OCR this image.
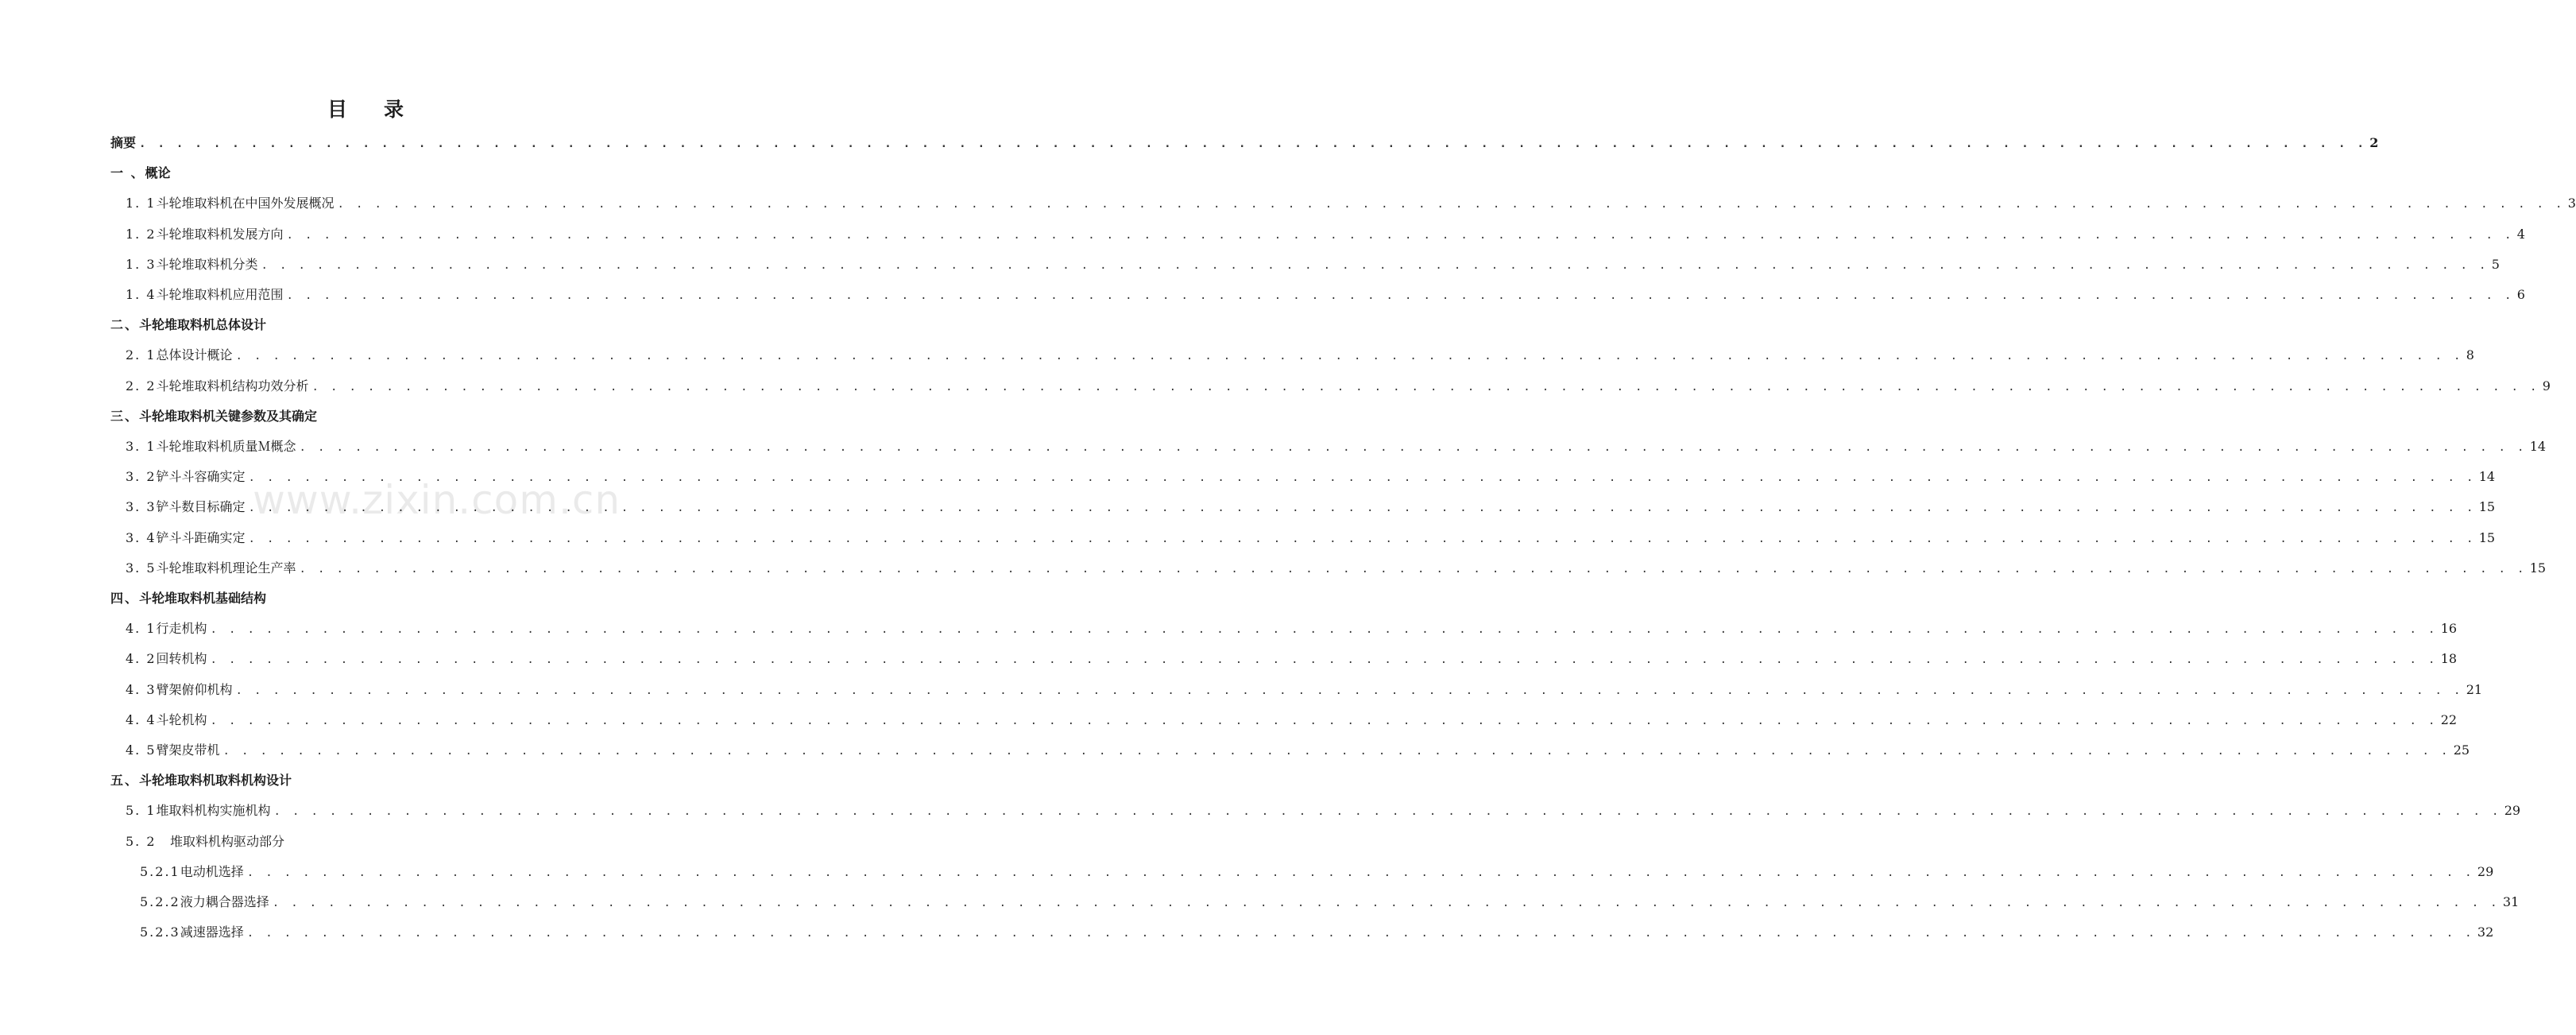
目 录
摘要 . . . . . . . . . . . . . . . . . . . . . . . . . . . . . . . . . . . . . . . . . . . . . . . . . . . . . . . . . . . . . . . . . . . . . . . . . . . . . . . . . . . . . . . . . . . . . . . . . . . . . . . . . . . . . . . . . . . . . . . . 2
一 、 概论
1. 1 斗轮堆取料机在中国外发展概况 . . . . . . . . . . . . . . . . . . . . . . . . . . . . . . . . . . . . . . . . . . . . . . . . . . . . . . . . . . . . . . . . . . . . . . . . . . . . . . . . . . . . . . . . . . . . . . . . . . . . . . . . . . . . . . . . . . . . . . . . 3
1. 2 斗轮堆取料机发展方向 . . . . . . . . . . . . . . . . . . . . . . . . . . . . . . . . . . . . . . . . . . . . . . . . . . . . . . . . . . . . . . . . . . . . . . . . . . . . . . . . . . . . . . . . . . . . . . . . . . . . . . . . . . . . . . . . . . . . . . . . 4
1. 3 斗轮堆取料机分类 . . . . . . . . . . . . . . . . . . . . . . . . . . . . . . . . . . . . . . . . . . . . . . . . . . . . . . . . . . . . . . . . . . . . . . . . . . . . . . . . . . . . . . . . . . . . . . . . . . . . . . . . . . . . . . . . . . . . . . . . 5
1. 4 斗轮堆取料机应用范围 . . . . . . . . . . . . . . . . . . . . . . . . . . . . . . . . . . . . . . . . . . . . . . . . . . . . . . . . . . . . . . . . . . . . . . . . . . . . . . . . . . . . . . . . . . . . . . . . . . . . . . . . . . . . . . . . . . . . . . . . 6
二、 斗轮堆取料机总体设计
2. 1 总体设计概论 . . . . . . . . . . . . . . . . . . . . . . . . . . . . . . . . . . . . . . . . . . . . . . . . . . . . . . . . . . . . . . . . . . . . . . . . . . . . . . . . . . . . . . . . . . . . . . . . . . . . . . . . . . . . . . . . . . . . . . . . 8
2. 2 斗轮堆取料机结构功效分析 . . . . . . . . . . . . . . . . . . . . . . . . . . . . . . . . . . . . . . . . . . . . . . . . . . . . . . . . . . . . . . . . . . . . . . . . . . . . . . . . . . . . . . . . . . . . . . . . . . . . . . . . . . . . . . . . . . . . . . . . 9
三、 斗轮堆取料机关键参数及其确定
3. 1 斗轮堆取料机质量Ｍ概念 . . . . . . . . . . . . . . . . . . . . . . . . . . . . . . . . . . . . . . . . . . . . . . . . . . . . . . . . . . . . . . . . . . . . . . . . . . . . . . . . . . . . . . . . . . . . . . . . . . . . . . . . . . . . . . . . . . . . . . . . 14
3. 2 铲斗斗容确实定 . . . . . . . . . . . . . . . . . . . . . . . . . . . . . . . . . . . . . . . . . . . . . . . . . . . . . . . . . . . . . . . . . . . . . . . . . . . . . . . . . . . . . . . . . . . . . . . . . . . . . . . . . . . . . . . . . . . . . . . . 14
3. 3 铲斗数目标确定 . . . . . . . . . . . . . . . . . . . . . . . . . . . . . . . . . . . . . . . . . . . . . . . . . . . . . . . . . . . . . . . . . . . . . . . . . . . . . . . . . . . . . . . . . . . . . . . . . . . . . . . . . . . . . . . . . . . . . . . . 15
3. 4 铲斗斗距确实定 . . . . . . . . . . . . . . . . . . . . . . . . . . . . . . . . . . . . . . . . . . . . . . . . . . . . . . . . . . . . . . . . . . . . . . . . . . . . . . . . . . . . . . . . . . . . . . . . . . . . . . . . . . . . . . . . . . . . . . . . 15
3. 5 斗轮堆取料机理论生产率 . . . . . . . . . . . . . . . . . . . . . . . . . . . . . . . . . . . . . . . . . . . . . . . . . . . . . . . . . . . . . . . . . . . . . . . . . . . . . . . . . . . . . . . . . . . . . . . . . . . . . . . . . . . . . . . . . . . . . . . . 15
四、 斗轮堆取料机基础结构
4. 1 行走机构 . . . . . . . . . . . . . . . . . . . . . . . . . . . . . . . . . . . . . . . . . . . . . . . . . . . . . . . . . . . . . . . . . . . . . . . . . . . . . . . . . . . . . . . . . . . . . . . . . . . . . . . . . . . . . . . . . . . . . . . . 16
4. 2 回转机构 . . . . . . . . . . . . . . . . . . . . . . . . . . . . . . . . . . . . . . . . . . . . . . . . . . . . . . . . . . . . . . . . . . . . . . . . . . . . . . . . . . . . . . . . . . . . . . . . . . . . . . . . . . . . . . . . . . . . . . . . 18
4. 3 臂架俯仰机构 . . . . . . . . . . . . . . . . . . . . . . . . . . . . . . . . . . . . . . . . . . . . . . . . . . . . . . . . . . . . . . . . . . . . . . . . . . . . . . . . . . . . . . . . . . . . . . . . . . . . . . . . . . . . . . . . . . . . . . . . 21
4. 4 斗轮机构 . . . . . . . . . . . . . . . . . . . . . . . . . . . . . . . . . . . . . . . . . . . . . . . . . . . . . . . . . . . . . . . . . . . . . . . . . . . . . . . . . . . . . . . . . . . . . . . . . . . . . . . . . . . . . . . . . . . . . . . . 22
4. 5 臂架皮带机 . . . . . . . . . . . . . . . . . . . . . . . . . . . . . . . . . . . . . . . . . . . . . . . . . . . . . . . . . . . . . . . . . . . . . . . . . . . . . . . . . . . . . . . . . . . . . . . . . . . . . . . . . . . . . . . . . . . . . . . . 25
五、 斗轮堆取料机取料机构设计
5. 1 堆取料机构实施机构 . . . . . . . . . . . . . . . . . . . . . . . . . . . . . . . . . . . . . . . . . . . . . . . . . . . . . . . . . . . . . . . . . . . . . . . . . . . . . . . . . . . . . . . . . . . . . . . . . . . . . . . . . . . . . . . . . . . . . . . . 29
5. 2	堆取料机构驱动部分
5.2.1 电动机选择 . . . . . . . . . . . . . . . . . . . . . . . . . . . . . . . . . . . . . . . . . . . . . . . . . . . . . . . . . . . . . . . . . . . . . . . . . . . . . . . . . . . . . . . . . . . . . . . . . . . . . . . . . . . . . . . . . . . . . . . . 29
5.2.2 液力耦合器选择 . . . . . . . . . . . . . . . . . . . . . . . . . . . . . . . . . . . . . . . . . . . . . . . . . . . . . . . . . . . . . . . . . . . . . . . . . . . . . . . . . . . . . . . . . . . . . . . . . . . . . . . . . . . . . . . . . . . . . . . . 31
5.2.3 减速器选择 . . . . . . . . . . . . . . . . . . . . . . . . . . . . . . . . . . . . . . . . . . . . . . . . . . . . . . . . . . . . . . . . . . . . . . . . . . . . . . . . . . . . . . . . . . . . . . . . . . . . . . . . . . . . . . . . . . . . . . . . 32
www.zixin.com.cn
